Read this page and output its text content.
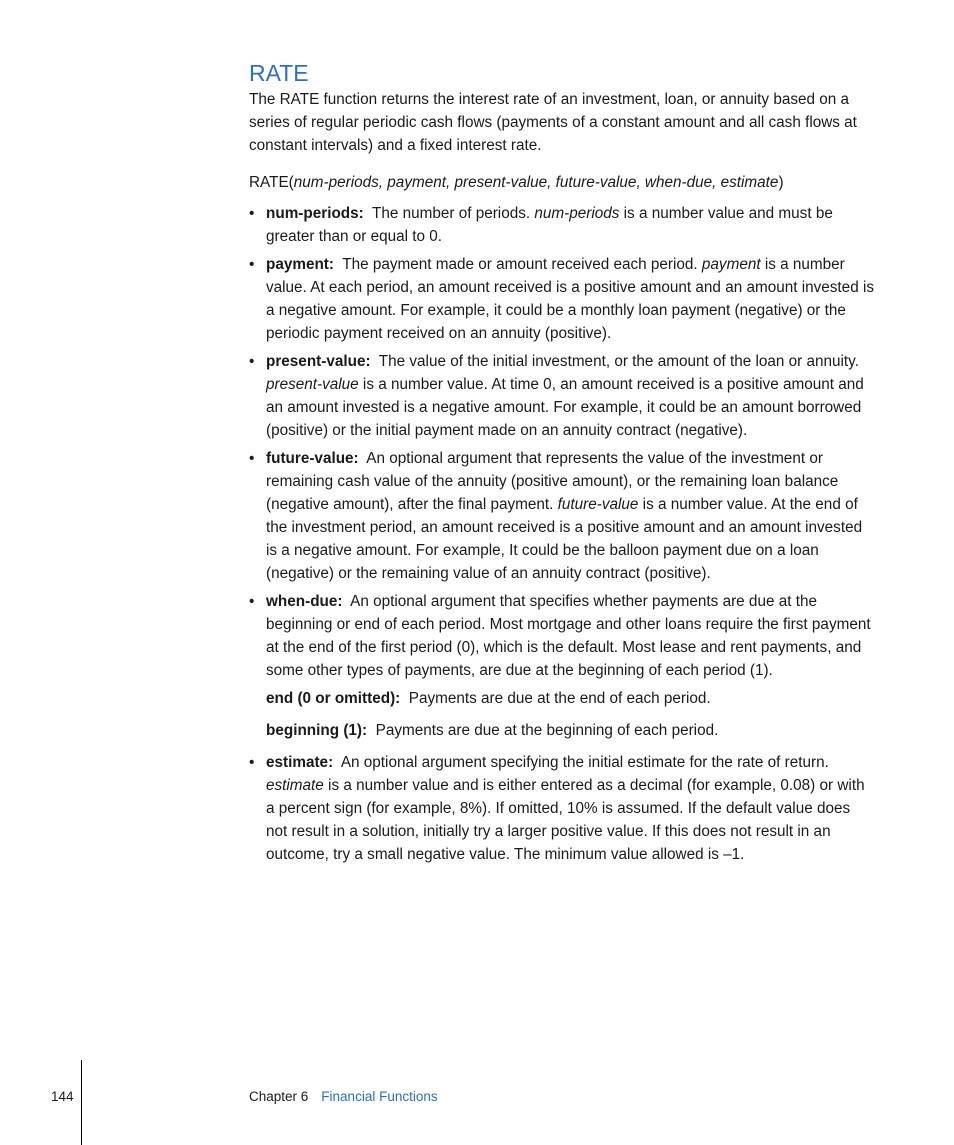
RATE

The RATE function returns the interest rate of an investment, loan, or annuity based on a series of regular periodic cash flows (payments of a constant amount and all cash flows at constant intervals) and a fixed interest rate.

RATE(num-periods, payment, present-value, future-value, when-due, estimate)

• num-periods: The number of periods. num-periods is a number value and must be greater than or equal to 0.
• payment: The payment made or amount received each period. payment is a number value. At each period, an amount received is a positive amount and an amount invested is a negative amount. For example, it could be a monthly loan payment (negative) or the periodic payment received on an annuity (positive).
• present-value: The value of the initial investment, or the amount of the loan or annuity. present-value is a number value. At time 0, an amount received is a positive amount and an amount invested is a negative amount. For example, it could be an amount borrowed (positive) or the initial payment made on an annuity contract (negative).
• future-value: An optional argument that represents the value of the investment or remaining cash value of the annuity (positive amount), or the remaining loan balance (negative amount), after the final payment. future-value is a number value. At the end of the investment period, an amount received is a positive amount and an amount invested is a negative amount. For example, It could be the balloon payment due on a loan (negative) or the remaining value of an annuity contract (positive).
• when-due: An optional argument that specifies whether payments are due at the beginning or end of each period. Most mortgage and other loans require the first payment at the end of the first period (0), which is the default. Most lease and rent payments, and some other types of payments, are due at the beginning of each period (1).

end (0 or omitted): Payments are due at the end of each period.

beginning (1): Payments are due at the beginning of each period.

• estimate: An optional argument specifying the initial estimate for the rate of return. estimate is a number value and is either entered as a decimal (for example, 0.08) or with a percent sign (for example, 8%). If omitted, 10% is assumed. If the default value does not result in a solution, initially try a larger positive value. If this does not result in an outcome, try a small negative value. The minimum value allowed is –1.
144	Chapter 6 Financial Functions
